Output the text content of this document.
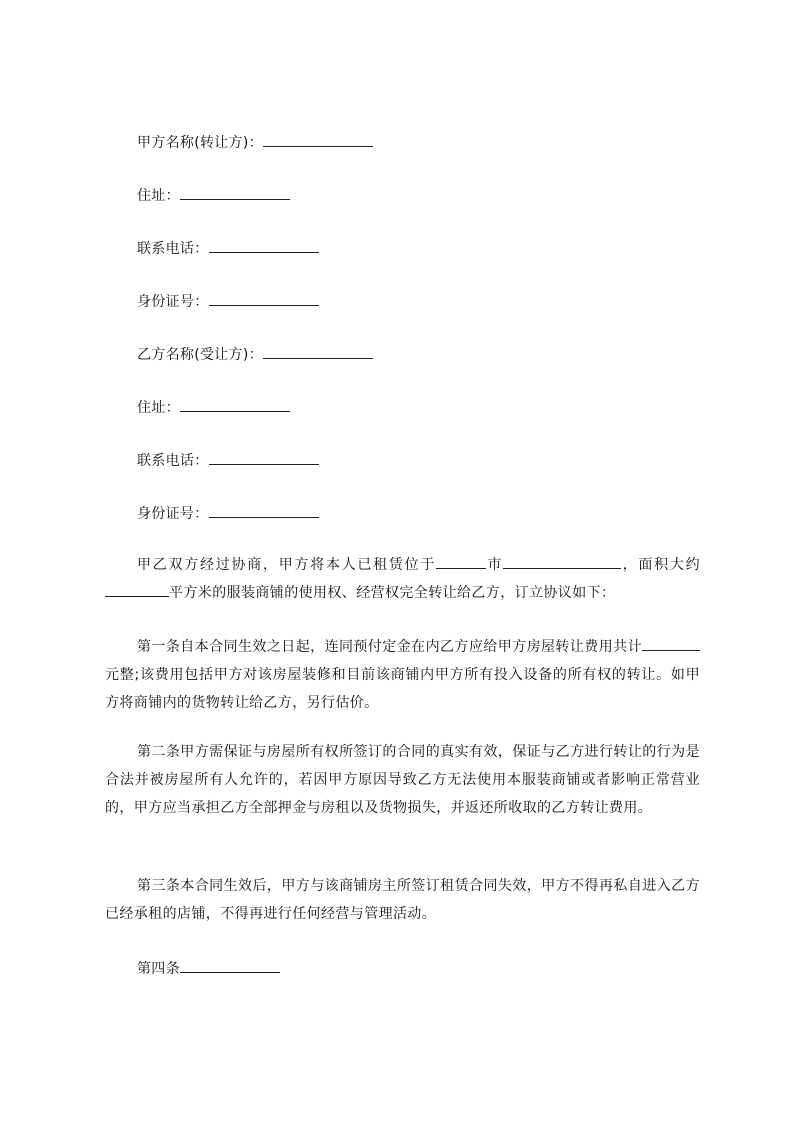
甲方名称(转让方)：
住址：
联系电话：
身份证号：
乙方名称(受让方)：
住址：
联系电话：
身份证号：
甲乙双方经过协商，甲方将本人已租赁位于	市	，面积大约平方米的服装商铺的使用权、经营权完全转让给乙方，订立协议如下：
第一条自本合同生效之日起，连同预付定金在内乙方应给甲方房屋转让费用共计元整;该费用包括甲方对该房屋装修和目前该商铺内甲方所有投入设备的所有权的转让。如甲方将商铺内的货物转让给乙方，另行估价。
第二条甲方需保证与房屋所有权所签订的合同的真实有效，保证与乙方进行转让的行为是合法并被房屋所有人允许的，若因甲方原因导致乙方无法使用本服装商铺或者影响正常营业的，甲方应当承担乙方全部押金与房租以及货物损失，并返还所收取的乙方转让费用。
第三条本合同生效后，甲方与该商铺房主所签订租赁合同失效，甲方不得再私自进入乙方已经承租的店铺，不得再进行任何经营与管理活动。
第四条
